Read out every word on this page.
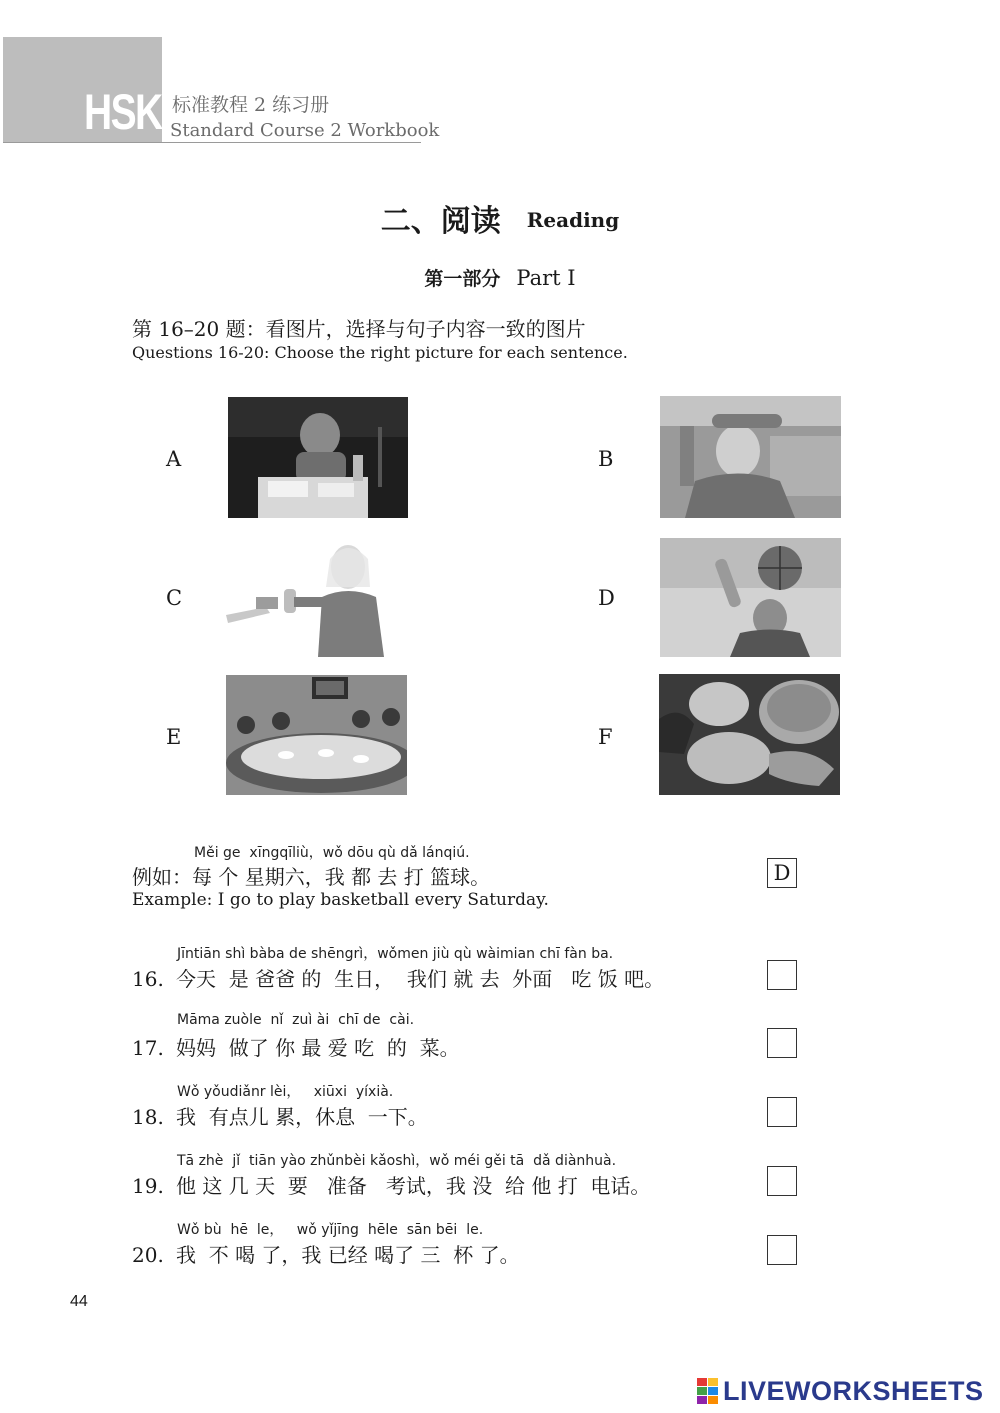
HSK 标准教程 2 练习册
Standard Course 2 Workbook
二、阅读 Reading
第一部分 Part Ⅰ
第 16–20 题：看图片，选择与句子内容一致的图片
Questions 16-20: Choose the right picture for each sentence.
A	B
C	D
E	F
Měi ge  xīngqīliù，wǒ dōu qù dǎ lánqiú.
例如：每 个 星期六，我 都 去 打 篮球。
Example: I go to play basketball every Saturday.
D
Jīntiān shì bàba de shēngrì，wǒmen jiù qù wàimian chī fàn ba.
16. 今天  是 爸爸 的  生日，  我们 就 去  外面   吃 饭 吧。
Māma zuòle  nǐ  zuì ài  chī de  cài.
17. 妈妈  做了 你 最 爱 吃  的  菜。
Wǒ yǒudiǎnr lèi，   xiūxi  yíxià.
18. 我  有点儿 累，休息  一下。
Tā zhè  jǐ  tiān yào zhǔnbèi kǎoshì，wǒ méi gěi tā  dǎ diànhuà.
19. 他 这 几 天  要   准备   考试，我 没  给 他 打  电话。
Wǒ bù  hē  le，   wǒ yǐjīng  hēle  sān bēi  le.
20. 我  不 喝 了，我 已经 喝了 三  杯 了。
44
LIVEWORKSHEETS
